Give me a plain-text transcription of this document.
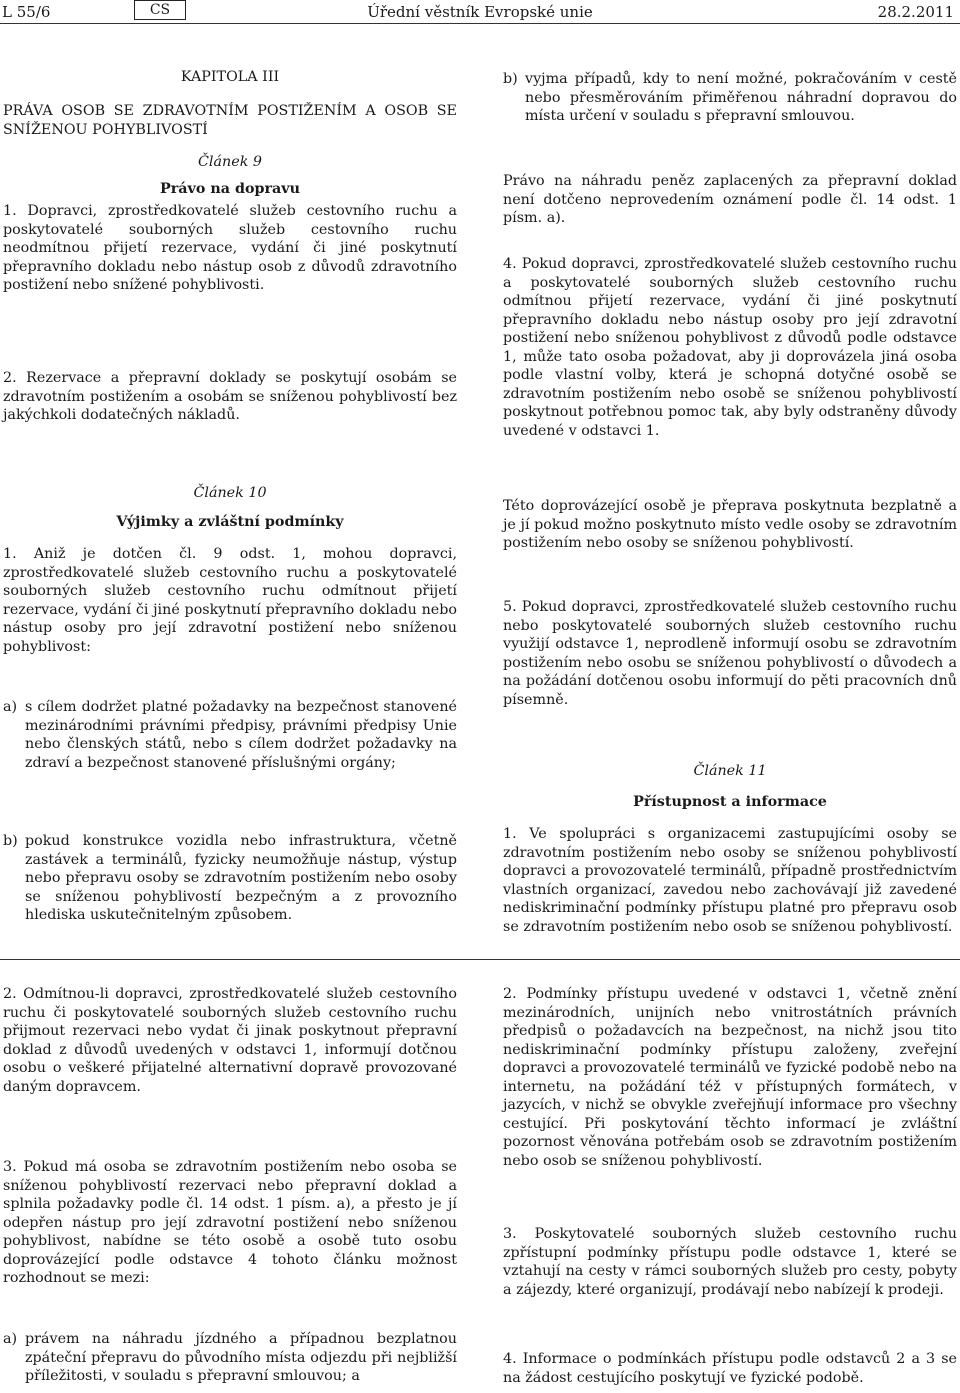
L 55/6	CS	Úřední věstník Evropské unie	28.2.2011
KAPITOLA III
PRÁVA OSOB SE ZDRAVOTNÍM POSTIŽENÍM A OSOB SE SNÍŽENOU POHYBLIVOSTÍ
Článek 9
Právo na dopravu

1. Dopravci, zprostředkovatelé služeb cestovního ruchu a poskytovatelé souborných služeb cestovního ruchu neodmítnou přijetí rezervace, vydání či jiné poskytnutí přepravního dokladu nebo nástup osob z důvodů zdravotního postižení nebo snížené pohyblivosti.

2. Rezervace a přepravní doklady se poskytují osobám se zdravotním postižením a osobám se sníženou pohyblivostí bez jakýchkoli dodatečných nákladů.

Článek 10
Výjimky a zvláštní podmínky

1. Aniž je dotčen čl. 9 odst. 1, mohou dopravci, zprostředkovatelé služeb cestovního ruchu a poskytovatelé souborných služeb cestovního ruchu odmítnout přijetí rezervace, vydání či jiné poskytnutí přepravního dokladu nebo nástup osoby pro její zdravotní postižení nebo sníženou pohyblivost:

a) s cílem dodržet platné požadavky na bezpečnost stanovené mezinárodními právními předpisy, právními předpisy Unie nebo členských států, nebo s cílem dodržet požadavky na zdraví a bezpečnost stanovené příslušnými orgány;
b) pokud konstrukce vozidla nebo infrastruktura, včetně zastávek a terminálů, fyzicky neumožňuje nástup, výstup nebo přepravu osoby se zdravotním postižením nebo osoby se sníženou pohyblivostí bezpečným a z provozního hlediska uskutečnitelným způsobem.
b) vyjma případů, kdy to není možné, pokračováním v cestě nebo přesměrováním přiměřenou náhradní dopravou do místa určení v souladu s přepravní smlouvou.

Právo na náhradu peněz zaplacených za přepravní doklad není dotčeno neprovedením oznámení podle čl. 14 odst. 1 písm. a).

4. Pokud dopravci, zprostředkovatelé služeb cestovního ruchu a poskytovatelé souborných služeb cestovního ruchu odmítnou přijetí rezervace, vydání či jiné poskytnutí přepravního dokladu nebo nástup osoby pro její zdravotní postižení nebo sníženou pohyblivost z důvodů podle odstavce 1, může tato osoba požadovat, aby ji doprovázela jiná osoba podle vlastní volby, která je schopná dotyčné osobě se zdravotním postižením nebo osobě se sníženou pohyblivostí poskytnout potřebnou pomoc tak, aby byly odstraněny důvody uvedené v odstavci 1.

Této doprovázející osobě je přeprava poskytnuta bezplatně a je jí pokud možno poskytnuto místo vedle osoby se zdravotním postižením nebo osoby se sníženou pohyblivostí.

5. Pokud dopravci, zprostředkovatelé služeb cestovního ruchu nebo poskytovatelé souborných služeb cestovního ruchu využijí odstavce 1, neprodleně informují osobu se zdravotním postižením nebo osobu se sníženou pohyblivostí o důvodech a na požádání dotčenou osobu informují do pěti pracovních dnů písemně.

Článek 11
Přístupnost a informace

1. Ve spolupráci s organizacemi zastupujícími osoby se zdravotním postižením nebo osoby se sníženou pohyblivostí dopravci a provozovatelé terminálů, případně prostřednictvím vlastních organizací, zavedou nebo zachovávají již zavedené nediskriminační podmínky přístupu platné pro přepravu osob se zdravotním postižením nebo osob se sníženou pohyblivostí.

2. Odmítnou-li dopravci, zprostředkovatelé služeb cestovního ruchu či poskytovatelé souborných služeb cestovního ruchu přijmout rezervaci nebo vydat či jinak poskytnout přepravní doklad z důvodů uvedených v odstavci 1, informují dotčnou osobu o veškeré přijatelné alternativní dopravě provozované daným dopravcem.

3. Pokud má osoba se zdravotním postižením nebo osoba se sníženou pohyblivostí rezervaci nebo přepravní doklad a splnila požadavky podle čl. 14 odst. 1 písm. a), a přesto je jí odepřen nástup pro její zdravotní postižení nebo sníženou pohyblivost, nabídne se této osobě a osobě tuto osobu doprovázející podle odstavce 4 tohoto článku možnost rozhodnout se mezi:

a) právem na náhradu jízdného a případnou bezplatnou zpáteční přepravu do původního místa odjezdu při nejbližší příležitosti, v souladu s přepravní smlouvou; a

2. Podmínky přístupu uvedené v odstavci 1, včetně znění mezinárodních, unijních nebo vnitrostátních právních předpisů o požadavcích na bezpečnost, na nichž jsou tito nediskriminační podmínky přístupu založeny, zveřejní dopravci a provozovatelé terminálů ve fyzické podobě nebo na internetu, na požádání též v přístupných formátech, v jazycích, v nichž se obvykle zveřejňují informace pro všechny cestující. Při poskytování těchto informací je zvláštní pozornost věnována potřebám osob se zdravotním postižením nebo osob se sníženou pohyblivostí.

3. Poskytovatelé souborných služeb cestovního ruchu zpřístupní podmínky přístupu podle odstavce 1, které se vztahují na cesty v rámci souborných služeb pro cesty, pobyty a zájezdy, které organizují, prodávají nebo nabízejí k prodeji.

4. Informace o podmínkách přístupu podle odstavců 2 a 3 se na žádost cestujícího poskytují ve fyzické podobě.
